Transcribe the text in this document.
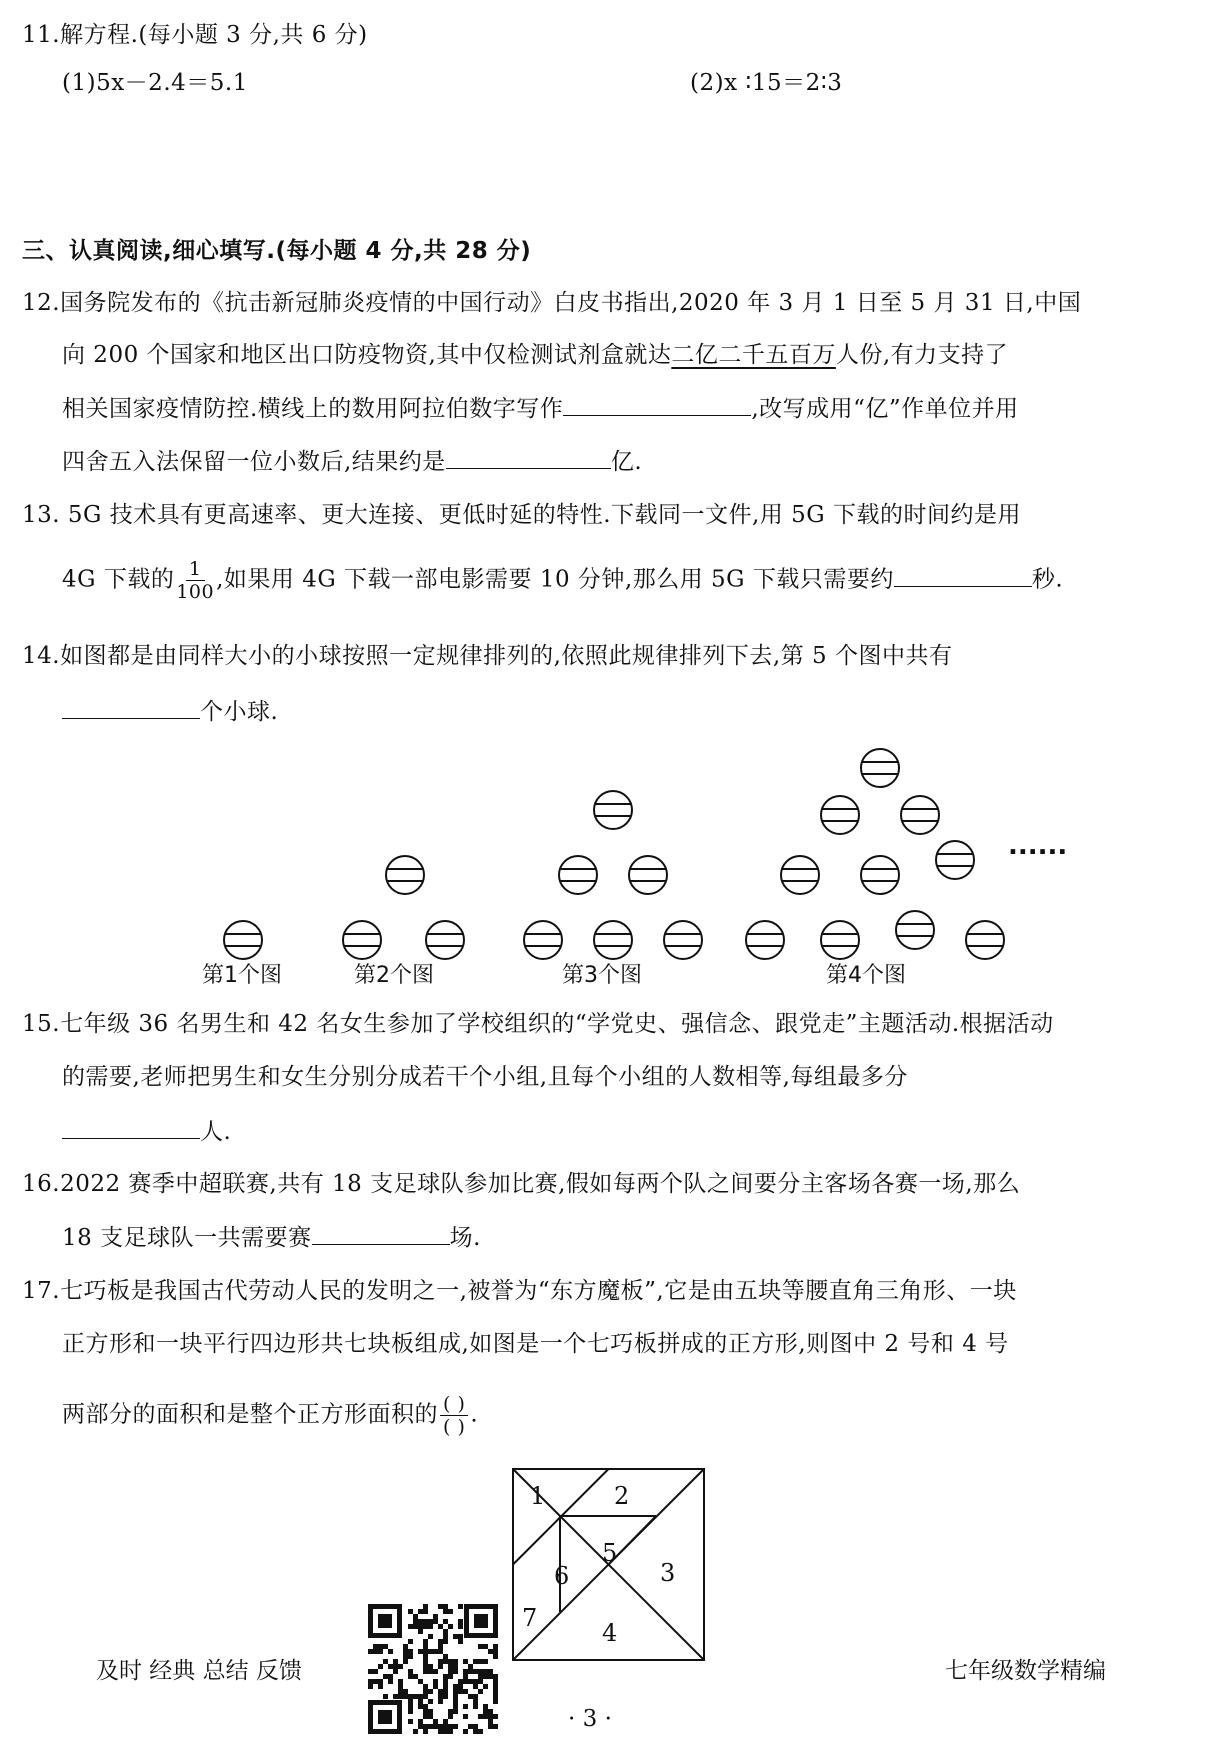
11.解方程.(每小题 3 分,共 6 分)
(1)5x－2.4＝5.1	(2)x ∶15＝2∶3
三、认真阅读,细心填写.(每小题 4 分,共 28 分)
12.国务院发布的《抗击新冠肺炎疫情的中国行动》白皮书指出,2020 年 3 月 1 日至 5 月 31 日,中国
向 200 个国家和地区出口防疫物资,其中仅检测试剂盒就达二亿二千五百万人份,有力支持了
相关国家疫情防控.横线上的数用阿拉伯数字写作	,改写成用“亿”作单位并用
四舍五入法保留一位小数后,结果约是	亿.
13. 5G 技术具有更高速率、更大连接、更低时延的特性.下载同一文件,用 5G 下载的时间约是用
4G 下载的 $\frac{1}{100}$ ,如果用 4G 下载一部电影需要 10 分钟,那么用 5G 下载只需要约	秒.
14.如图都是由同样大小的小球按照一定规律排列的,依照此规律排列下去,第 5 个图中共有
个小球.
......
第1个图	第2个图	第3个图	第4个图
15.七年级 36 名男生和 42 名女生参加了学校组织的“学党史、强信念、跟党走”主题活动.根据活动
的需要,老师把男生和女生分别分成若干个小组,且每个小组的人数相等,每组最多分
人.
16.2022 赛季中超联赛,共有 18 支足球队参加比赛,假如每两个队之间要分主客场各赛一场,那么
18 支足球队一共需要赛	场.
17.七巧板是我国古代劳动人民的发明之一,被誉为“东方魔板”,它是由五块等腰直角三角形、一块
正方形和一块平行四边形共七块板组成,如图是一个七巧板拼成的正方形,则图中 2 号和 4 号
两部分的面积和是整个正方形面积的 $\frac{( )}{( )}$ .
1	2
3
4
5
6
7
及时 经典 总结 反馈	七年级数学精编
· 3 ·
